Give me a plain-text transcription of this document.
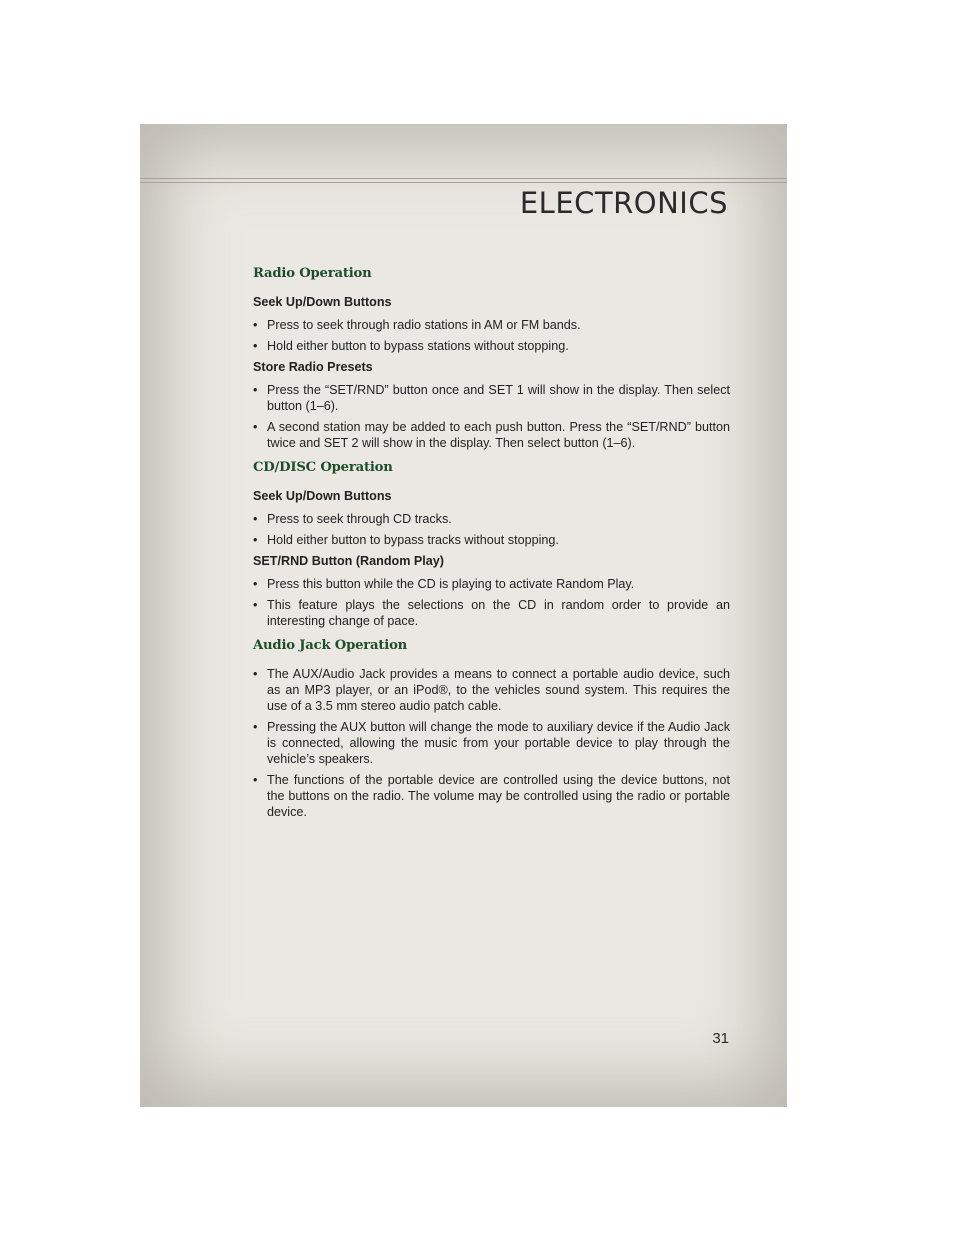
ELECTRONICS
Radio Operation
Seek Up/Down Buttons
• Press to seek through radio stations in AM or FM bands.
• Hold either button to bypass stations without stopping.
Store Radio Presets
• Press the “SET/RND” button once and SET 1 will show in the display. Then select button (1–6).
• A second station may be added to each push button. Press the “SET/RND” button twice and SET 2 will show in the display. Then select button (1–6).
CD/DISC Operation
Seek Up/Down Buttons
• Press to seek through CD tracks.
• Hold either button to bypass tracks without stopping.
SET/RND Button (Random Play)
• Press this button while the CD is playing to activate Random Play.
• This feature plays the selections on the CD in random order to provide an interesting change of pace.
Audio Jack Operation
• The AUX/Audio Jack provides a means to connect a portable audio device, such as an MP3 player, or an iPod®, to the vehicles sound system. This requires the use of a 3.5 mm stereo audio patch cable.
• Pressing the AUX button will change the mode to auxiliary device if the Audio Jack is connected, allowing the music from your portable device to play through the vehicle’s speakers.
• The functions of the portable device are controlled using the device buttons, not the buttons on the radio. The volume may be controlled using the radio or portable device.
31
